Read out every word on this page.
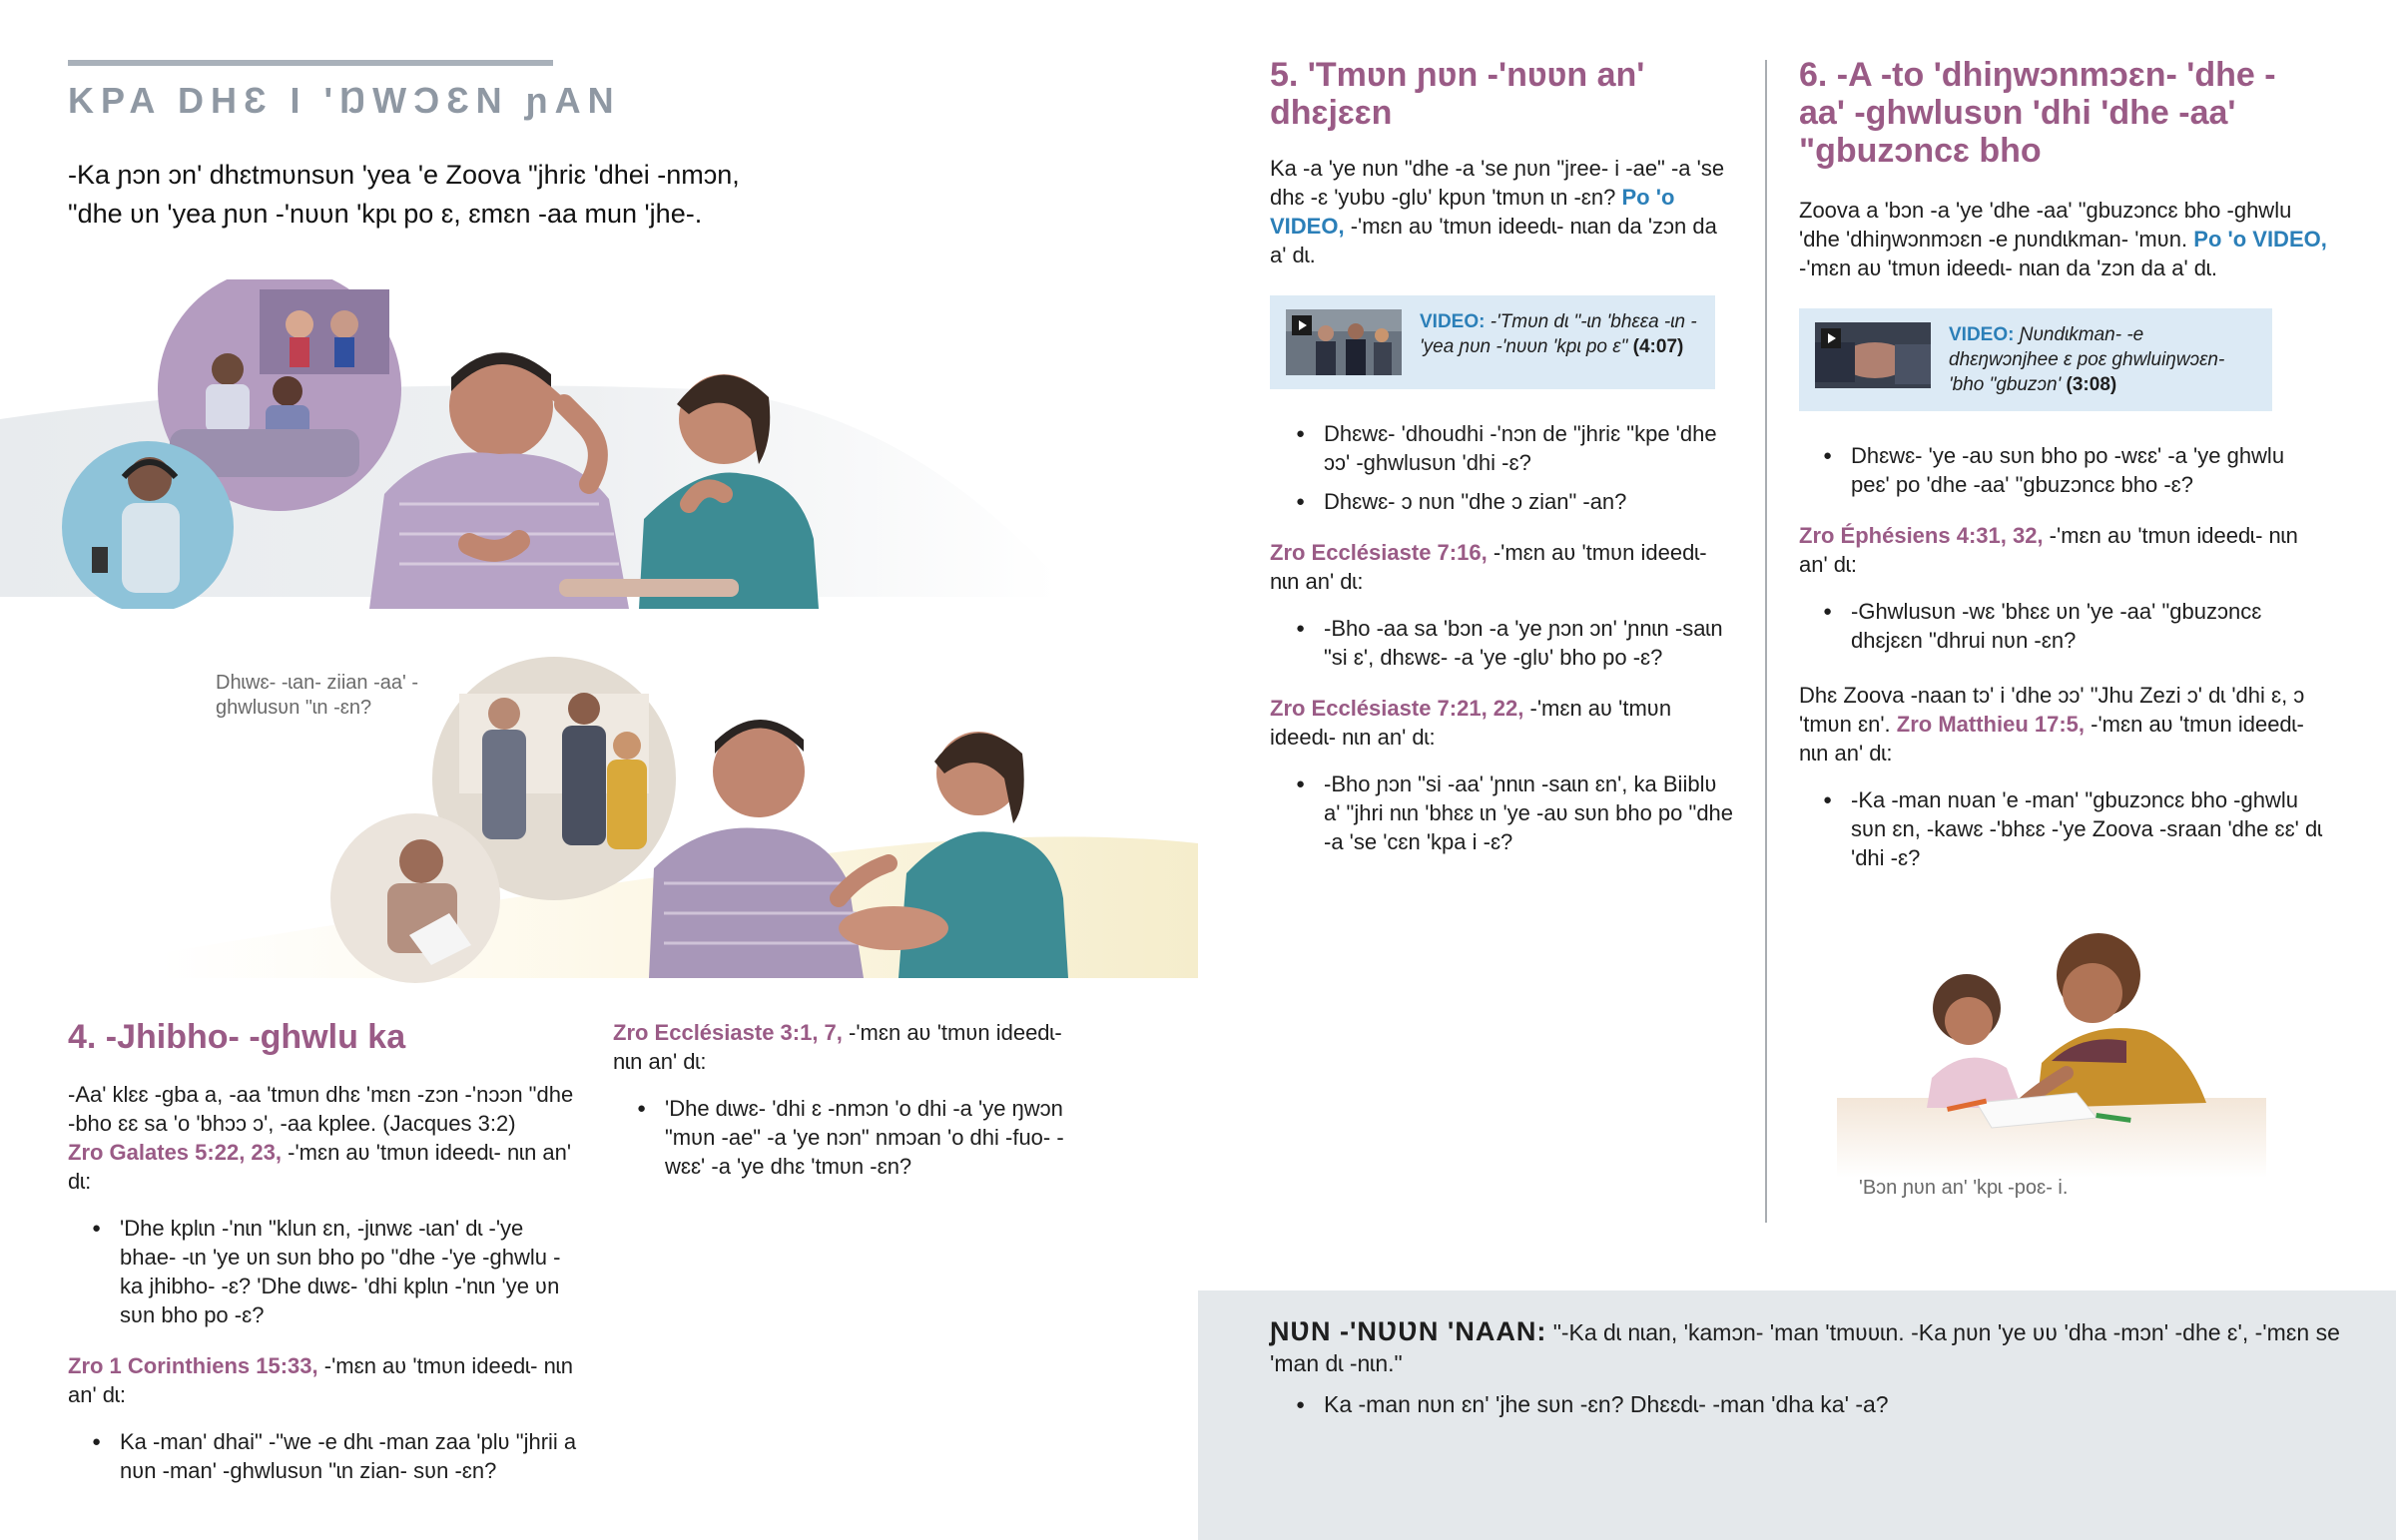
KPA DHƐ I 'ŊWƆƐN ɲAN
-Ka ɲɔn ɔn' dhɛtmʋnsʋn 'yea 'e Zoova "jhriɛ 'dhei -nmɔn, "dhe ʋn 'yea ɲʋn -'nʋʋn 'kpɩ po ɛ, ɛmɛn -aa mun 'jhe-.
Dhɩwɛ- -ɩan- ziian -aa' -ghwlusʋn "ɩn -ɛn?
4. -Jhibho- -ghwlu ka

-Aa' klɛɛ -gba a, -aa 'tmʋn dhɛ 'mɛn -zɔn -'nɔɔn "dhe -bho ɛɛ sa 'o 'bhɔɔ ɔ', -aa kplee. (Jacques 3:2)

Zro Galates 5:22, 23, -'mɛn aʋ 'tmʋn ideedɩ- nɩn an' dɩ:

● 'Dhe kplɩn -'nɩn "klun ɛn, -jɩnwɛ -ɩan' dɩ -'ye bhae- -ɩn 'ye ʋn sʋn bho po "dhe -'ye -ghwlu -ka jhibho- -ɛ? 'Dhe dɩwɛ- 'dhi kplɩn -'nɩn 'ye ʋn sʋn bho po -ɛ?

Zro 1 Corinthiens 15:33, -'mɛn aʋ 'tmʋn ideedɩ- nɩn an' dɩ:

● Ka -man' dhai" -"we -e dhɩ -man zaa 'plʋ "jhrii a nʋn -man' -ghwlusʋn "ɩn zian- sʋn -ɛn?

Zro Ecclésiaste 3:1, 7, -'mɛn aʋ 'tmʋn ideedɩ- nɩn an' dɩ:

● 'Dhe dɩwɛ- 'dhi ɛ -nmɔn 'o dhi -a 'ye ŋwɔn "mʋn -ae" -a 'ye nɔn" nmɔan 'o dhi -fuo- -wɛɛ' -a 'ye dhɛ 'tmʋn -ɛn?
5. 'Tmʋn ɲʋn -'nʋʋn an' dhɛjɛɛn

Ka -a 'ye nʋn "dhe -a 'se ɲʋn "jree- i -ae" -a 'se dhɛ -ɛ 'yʋbʋ -glʋ' kpʋn 'tmʋn ɩn -ɛn? Po 'o VIDEO, -'mɛn aʋ 'tmʋn ideedɩ- nɩan da 'zɔn da a' dɩ.

VIDEO: -'Tmʋn dɩ "-ɩn 'bhɛɛa -ɩn -'yea ɲʋn -'nʋʋn 'kpɩ po ɛ" (4:07)
● Dhɛwɛ- 'dhoudhi -'nɔn de "jhriɛ "kpe 'dhe ɔɔ' -ghwlusʋn 'dhi -ɛ?
● Dhɛwɛ- ɔ nʋn "dhe ɔ zian" -an?

Zro Ecclésiaste 7:16, -'mɛn aʋ 'tmʋn ideedɩ- nɩn an' dɩ:

● -Bho -aa sa 'bɔn -a 'ye ɲɔn ɔn' 'ɲnɩn -saɩn "si ɛ', dhɛwɛ- -a 'ye -glʋ' bho po -ɛ?

Zro Ecclésiaste 7:21, 22, -'mɛn aʋ 'tmʋn ideedɩ- nɩn an' dɩ:

● -Bho ɲɔn "si -aa' 'ɲnɩn -saɩn ɛn', ka Biiblʋ a' "jhri nɩn 'bhɛɛ ɩn 'ye -aʋ sʋn bho po "dhe -a 'se 'cɛn 'kpa i -ɛ?
6. -A -to 'dhiŋwɔnmɔɛn- 'dhe -aa' -ghwlusʋn 'dhi 'dhe -aa' "gbuzɔncɛ bho

Zoova a 'bɔn -a 'ye 'dhe -aa' "gbuzɔncɛ bho -ghwlu 'dhe 'dhiŋwɔnmɔɛn -e ɲʋndɩkman- 'mʋn. Po 'o VIDEO, -'mɛn aʋ 'tmʋn ideedɩ- nɩan da 'zɔn da a' dɩ.

VIDEO: Ɲʋndɩkman- -e dhɛŋwɔnjhee ɛ poɛ ghwluiŋwɔɛn- 'bho "gbuzɔn' (3:08)
● Dhɛwɛ- 'ye -aʋ sʋn bho po -wɛɛ' -a 'ye ghwlu peɛ' po 'dhe -aa' "gbuzɔncɛ bho -ɛ?

Zro Éphésiens 4:31, 32, -'mɛn aʋ 'tmʋn ideedɩ- nɩn an' dɩ:

● -Ghwlusʋn -wɛ 'bhɛɛ ʋn 'ye -aa' "gbuzɔncɛ dhɛjɛɛn "dhrui nʋn -ɛn?

Dhɛ Zoova -naan tɔ' i 'dhe ɔɔ' "Jhu Zezi ɔ' dɩ 'dhi ɛ, ɔ 'tmʋn ɛn'. Zro Matthieu 17:5, -'mɛn aʋ 'tmʋn ideedɩ- nɩn an' dɩ:

● -Ka -man nʋan 'e -man' "gbuzɔncɛ bho -ghwlu sʋn ɛn, -kawɛ -'bhɛɛ -'ye Zoova -sraan 'dhe ɛɛ' dɩ 'dhi -ɛ?
'Bɔn ɲʋn an' 'kpɩ -poɛ- i.
ƝƲN -'NƲƲN 'NAAN: "-Ka dɩ nɩan, 'kamɔn- 'man 'tmʋʋɩn. -Ka ɲʋn 'ye ʋʋ 'dha -mɔn' -dhe ɛ', -'mɛn se 'man dɩ -nɩn."
● Ka -man nʋn ɛn' 'jhe sʋn -ɛn? Dhɛɛdɩ- -man 'dha ka' -a?
